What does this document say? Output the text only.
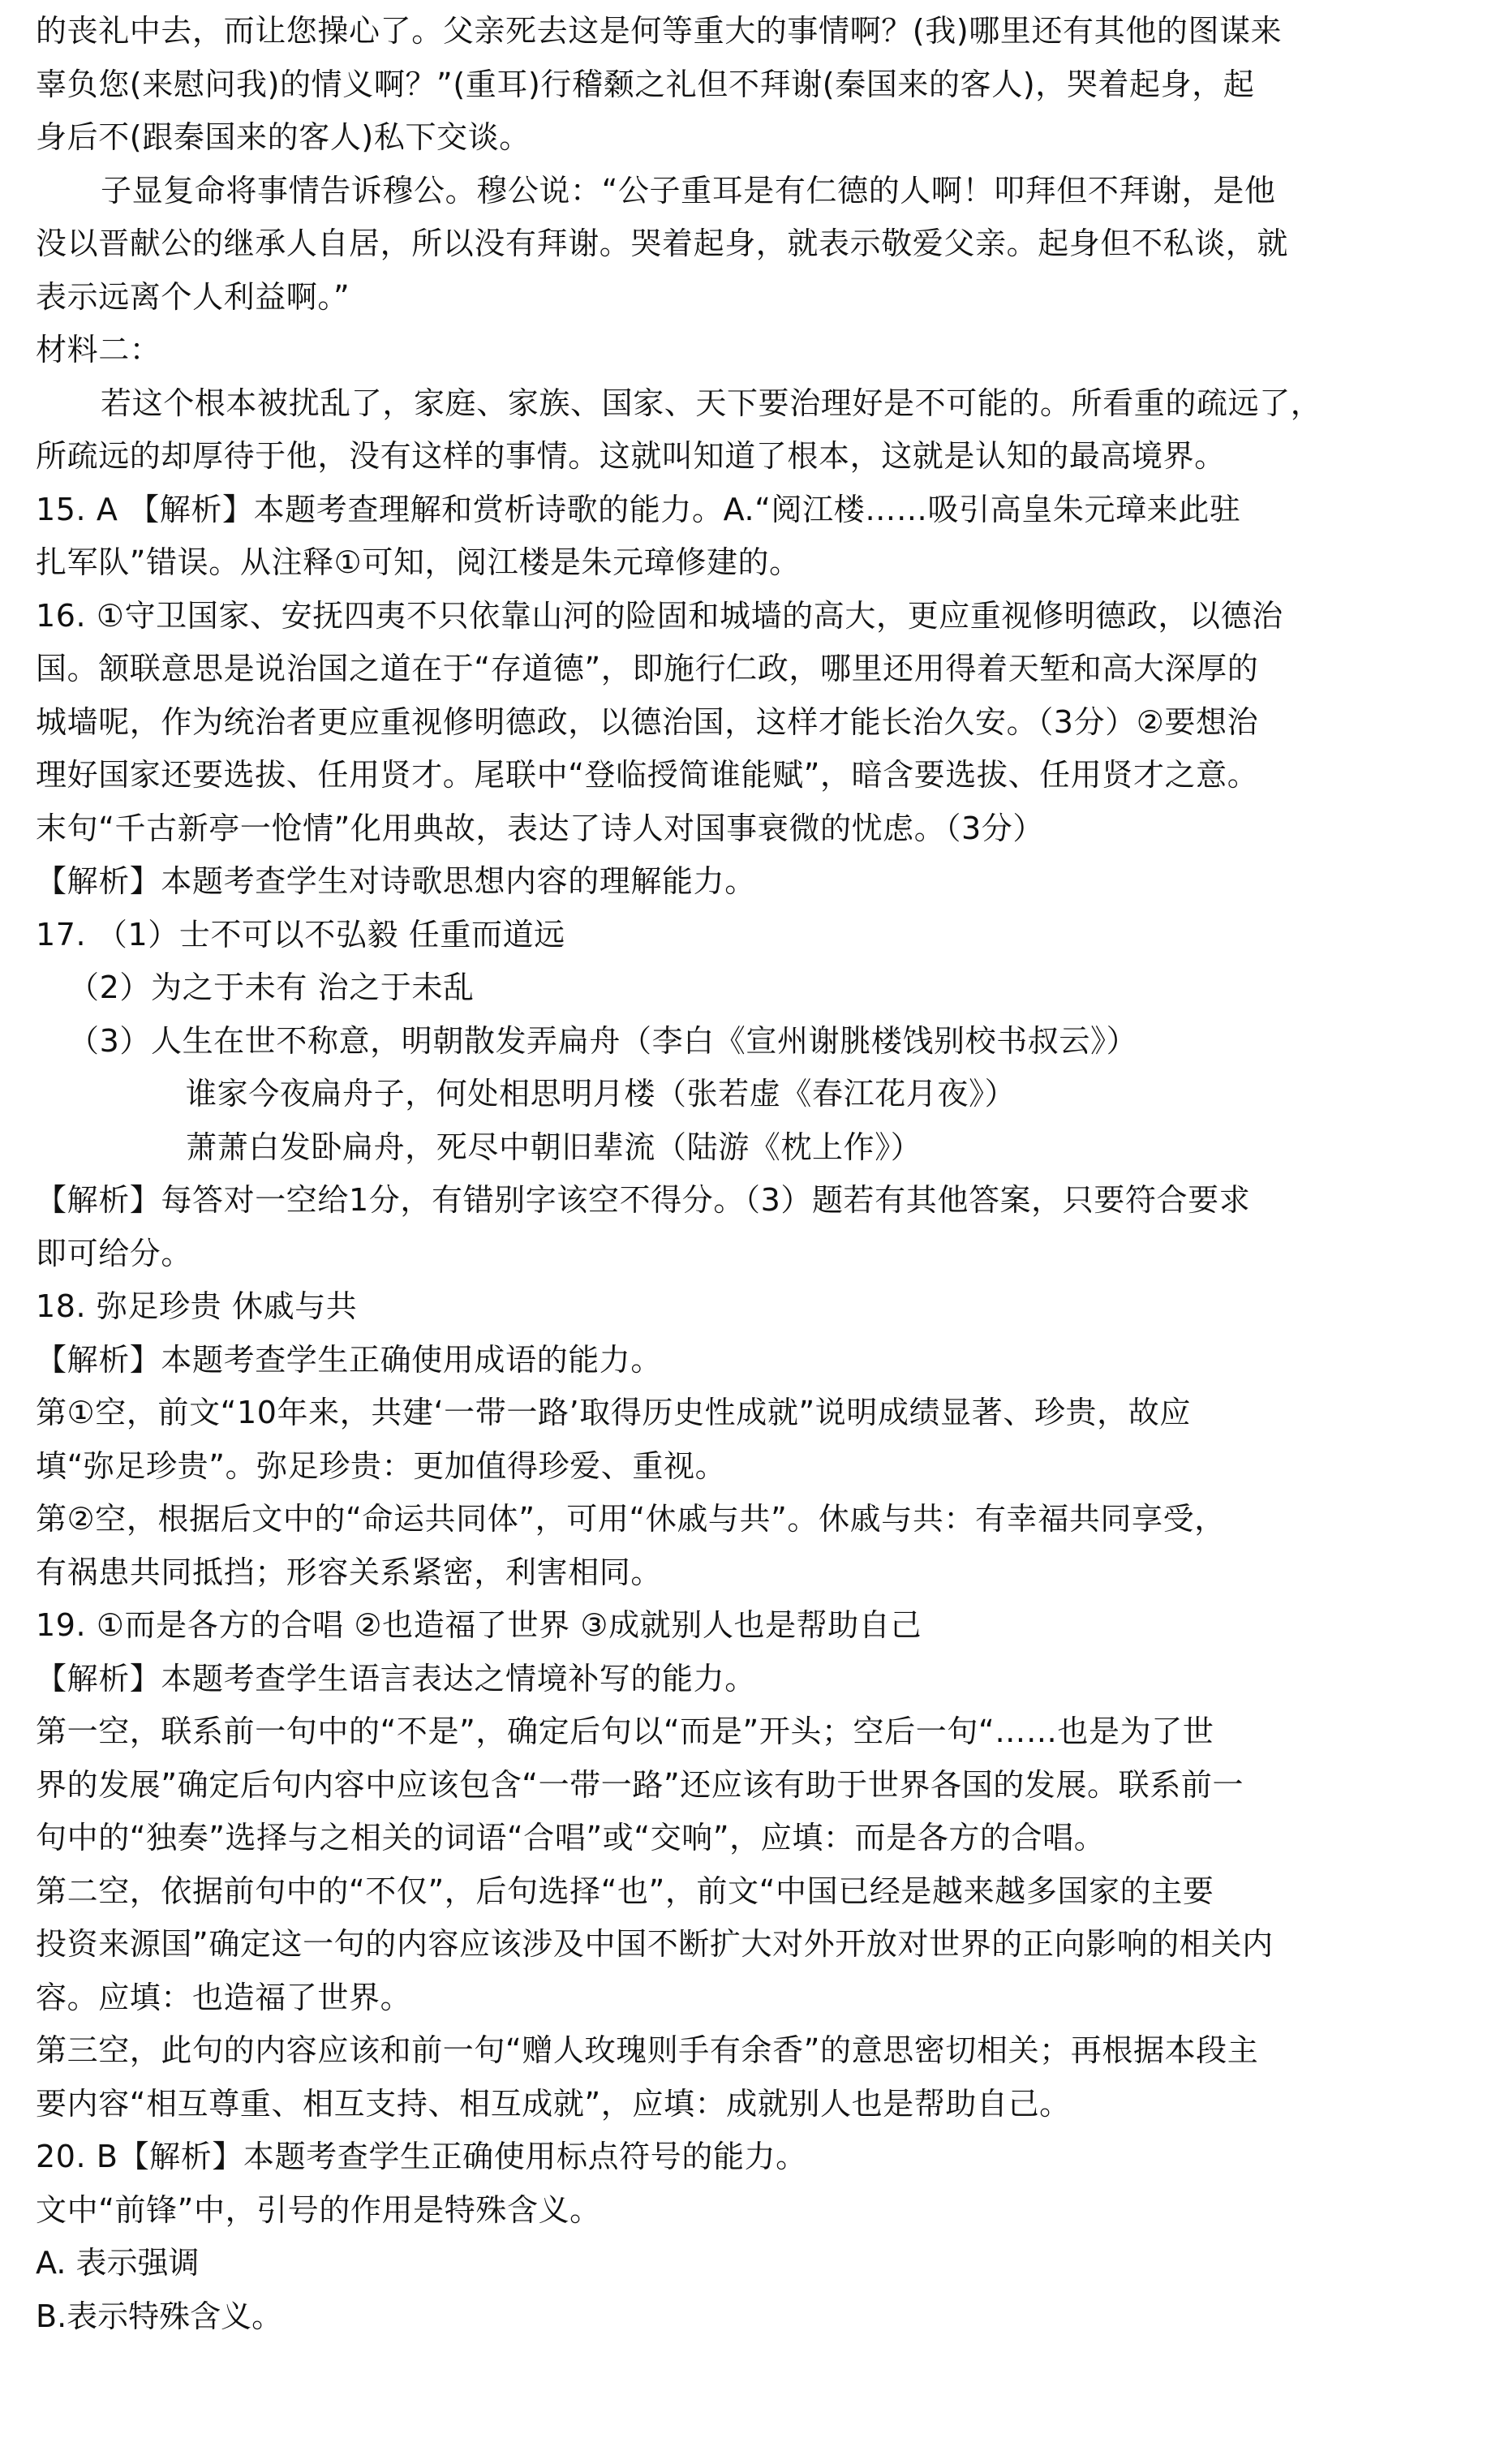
的丧礼中去，而让您操心了。父亲死去这是何等重大的事情啊？(我)哪里还有其他的图谋来
辜负您(来慰问我)的情义啊？”(重耳)行稽颡之礼但不拜谢(秦国来的客人)，哭着起身，起
身后不(跟秦国来的客人)私下交谈。
子显复命将事情告诉穆公。穆公说：“公子重耳是有仁德的人啊！叩拜但不拜谢，是他
没以晋献公的继承人自居，所以没有拜谢。哭着起身，就表示敬爱父亲。起身但不私谈，就
表示远离个人利益啊。”
材料二：
若这个根本被扰乱了，家庭、家族、国家、天下要治理好是不可能的。所看重的疏远了，
所疏远的却厚待于他，没有这样的事情。这就叫知道了根本，这就是认知的最高境界。
15. A 【解析】本题考查理解和赏析诗歌的能力。A.“阅江楼……吸引高皇朱元璋来此驻
扎军队”错误。从注释①可知，阅江楼是朱元璋修建的。
16. ①守卫国家、安抚四夷不只依靠山河的险固和城墙的高大，更应重视修明德政，以德治
国。颔联意思是说治国之道在于“存道德”，即施行仁政，哪里还用得着天堑和高大深厚的
城墙呢，作为统治者更应重视修明德政，以德治国，这样才能长治久安。（3分）②要想治
理好国家还要选拔、任用贤才。尾联中“登临授简谁能赋”，暗含要选拔、任用贤才之意。
末句“千古新亭一怆情”化用典故，表达了诗人对国事衰微的忧虑。（3分）
【解析】本题考查学生对诗歌思想内容的理解能力。
17. （1）士不可以不弘毅 任重而道远
（2）为之于未有 治之于未乱
（3）人生在世不称意，明朝散发弄扁舟（李白《宣州谢朓楼饯别校书叔云》）
谁家今夜扁舟子，何处相思明月楼（张若虚《春江花月夜》）
萧萧白发卧扁舟，死尽中朝旧辈流（陆游《枕上作》）
【解析】每答对一空给1分，有错别字该空不得分。（3）题若有其他答案，只要符合要求
即可给分。
18. 弥足珍贵 休戚与共
【解析】本题考查学生正确使用成语的能力。
第①空，前文“10年来，共建‘一带一路’取得历史性成就”说明成绩显著、珍贵，故应
填“弥足珍贵”。弥足珍贵：更加值得珍爱、重视。
第②空，根据后文中的“命运共同体”，可用“休戚与共”。休戚与共：有幸福共同享受，
有祸患共同抵挡；形容关系紧密，利害相同。
19. ①而是各方的合唱 ②也造福了世界 ③成就别人也是帮助自己
【解析】本题考查学生语言表达之情境补写的能力。
第一空，联系前一句中的“不是”，确定后句以“而是”开头；空后一句“……也是为了世
界的发展”确定后句内容中应该包含“一带一路”还应该有助于世界各国的发展。联系前一
句中的“独奏”选择与之相关的词语“合唱”或“交响”，应填：而是各方的合唱。
第二空，依据前句中的“不仅”，后句选择“也”，前文“中国已经是越来越多国家的主要
投资来源国”确定这一句的内容应该涉及中国不断扩大对外开放对世界的正向影响的相关内
容。应填：也造福了世界。
第三空，此句的内容应该和前一句“赠人玫瑰则手有余香”的意思密切相关；再根据本段主
要内容“相互尊重、相互支持、相互成就”，应填：成就别人也是帮助自己。
20. B【解析】本题考查学生正确使用标点符号的能力。
文中“前锋”中，引号的作用是特殊含义。
A. 表示强调
B.表示特殊含义。
